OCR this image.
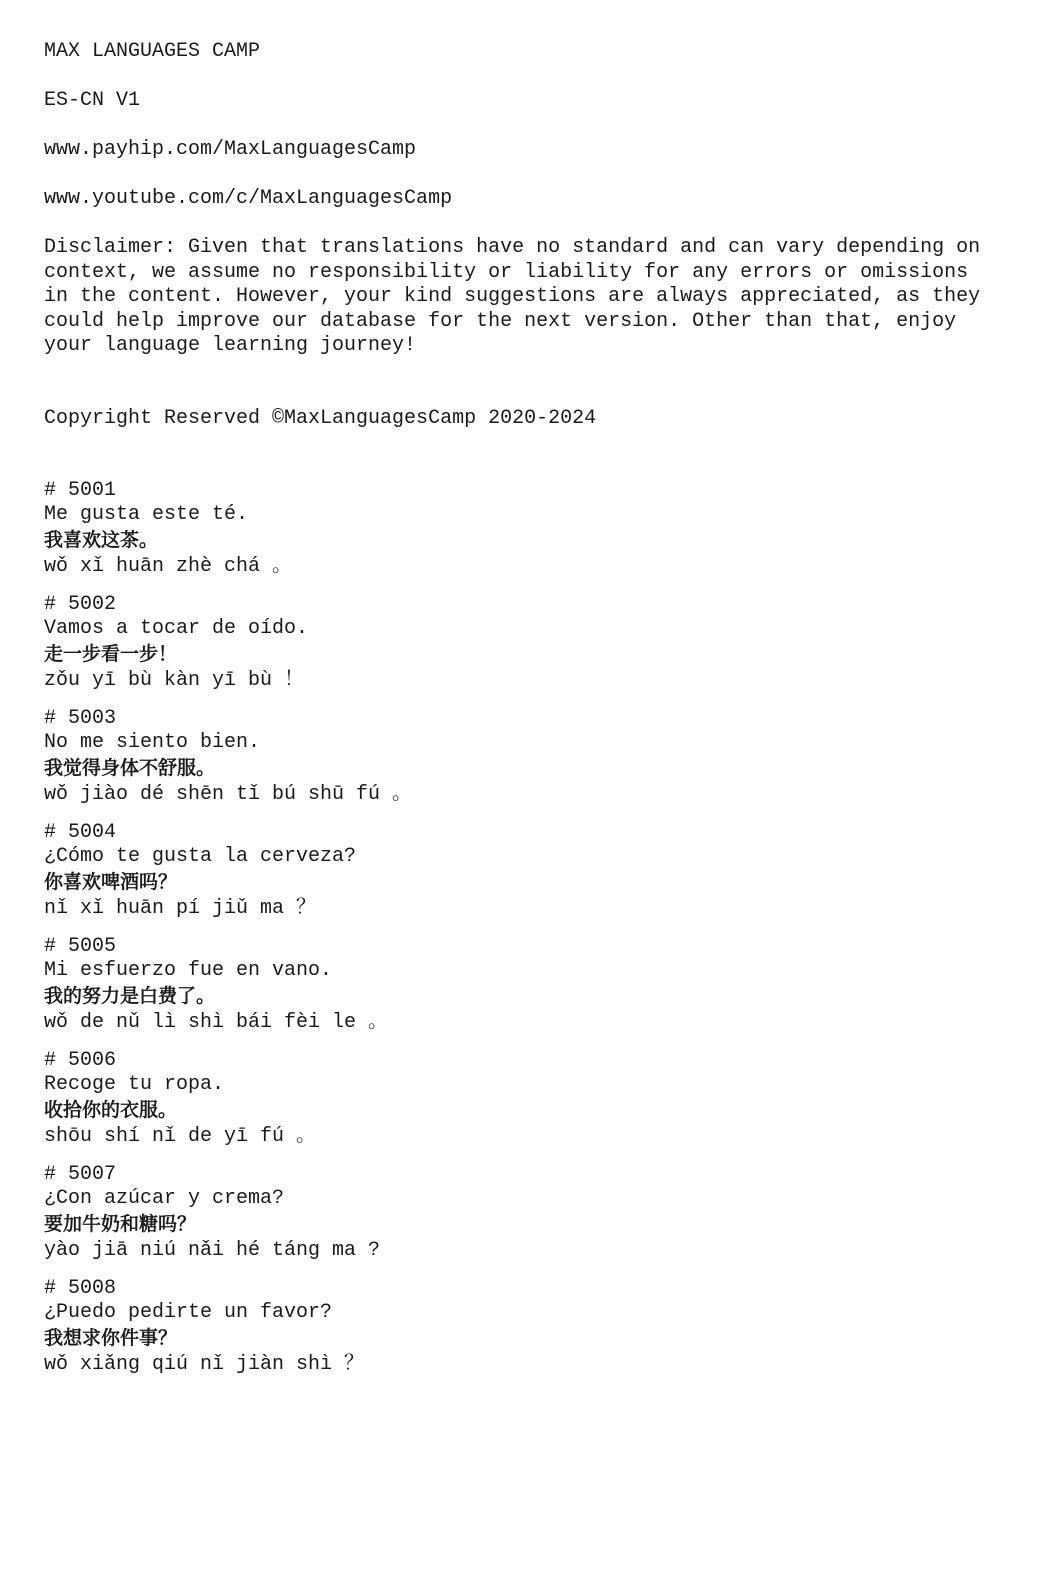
MAX LANGUAGES CAMP
ES-CN V1
www.payhip.com/MaxLanguagesCamp
www.youtube.com/c/MaxLanguagesCamp
Disclaimer: Given that translations have no standard and can vary depending on context, we assume no responsibility or liability for any errors or omissions in the content. However, your kind suggestions are always appreciated, as they could help improve our database for the next version. Other than that, enjoy your language learning journey!
Copyright Reserved ©MaxLanguagesCamp 2020-2024
# 5001
Me gusta este té.
我喜欢这茶。
wǒ xǐ huān zhè chá 。
# 5002
Vamos a tocar de oído.
走一步看一步！
zǒu yī bù kàn yī bù ！
# 5003
No me siento bien.
我觉得身体不舒服。
wǒ jiào dé shēn tǐ bú shū fú 。
# 5004
¿Cómo te gusta la cerveza?
你喜欢啤酒吗？
nǐ xǐ huān pí jiǔ ma ？
# 5005
Mi esfuerzo fue en vano.
我的努力是白费了。
wǒ de nǔ lì shì bái fèi le 。
# 5006
Recoge tu ropa.
收拾你的衣服。
shōu shí nǐ de yī fú 。
# 5007
¿Con azúcar y crema?
要加牛奶和糖吗？
yào jiā niú nǎi hé táng ma ?
# 5008
¿Puedo pedirte un favor?
我想求你件事？
wǒ xiǎng qiú nǐ jiàn shì ？
